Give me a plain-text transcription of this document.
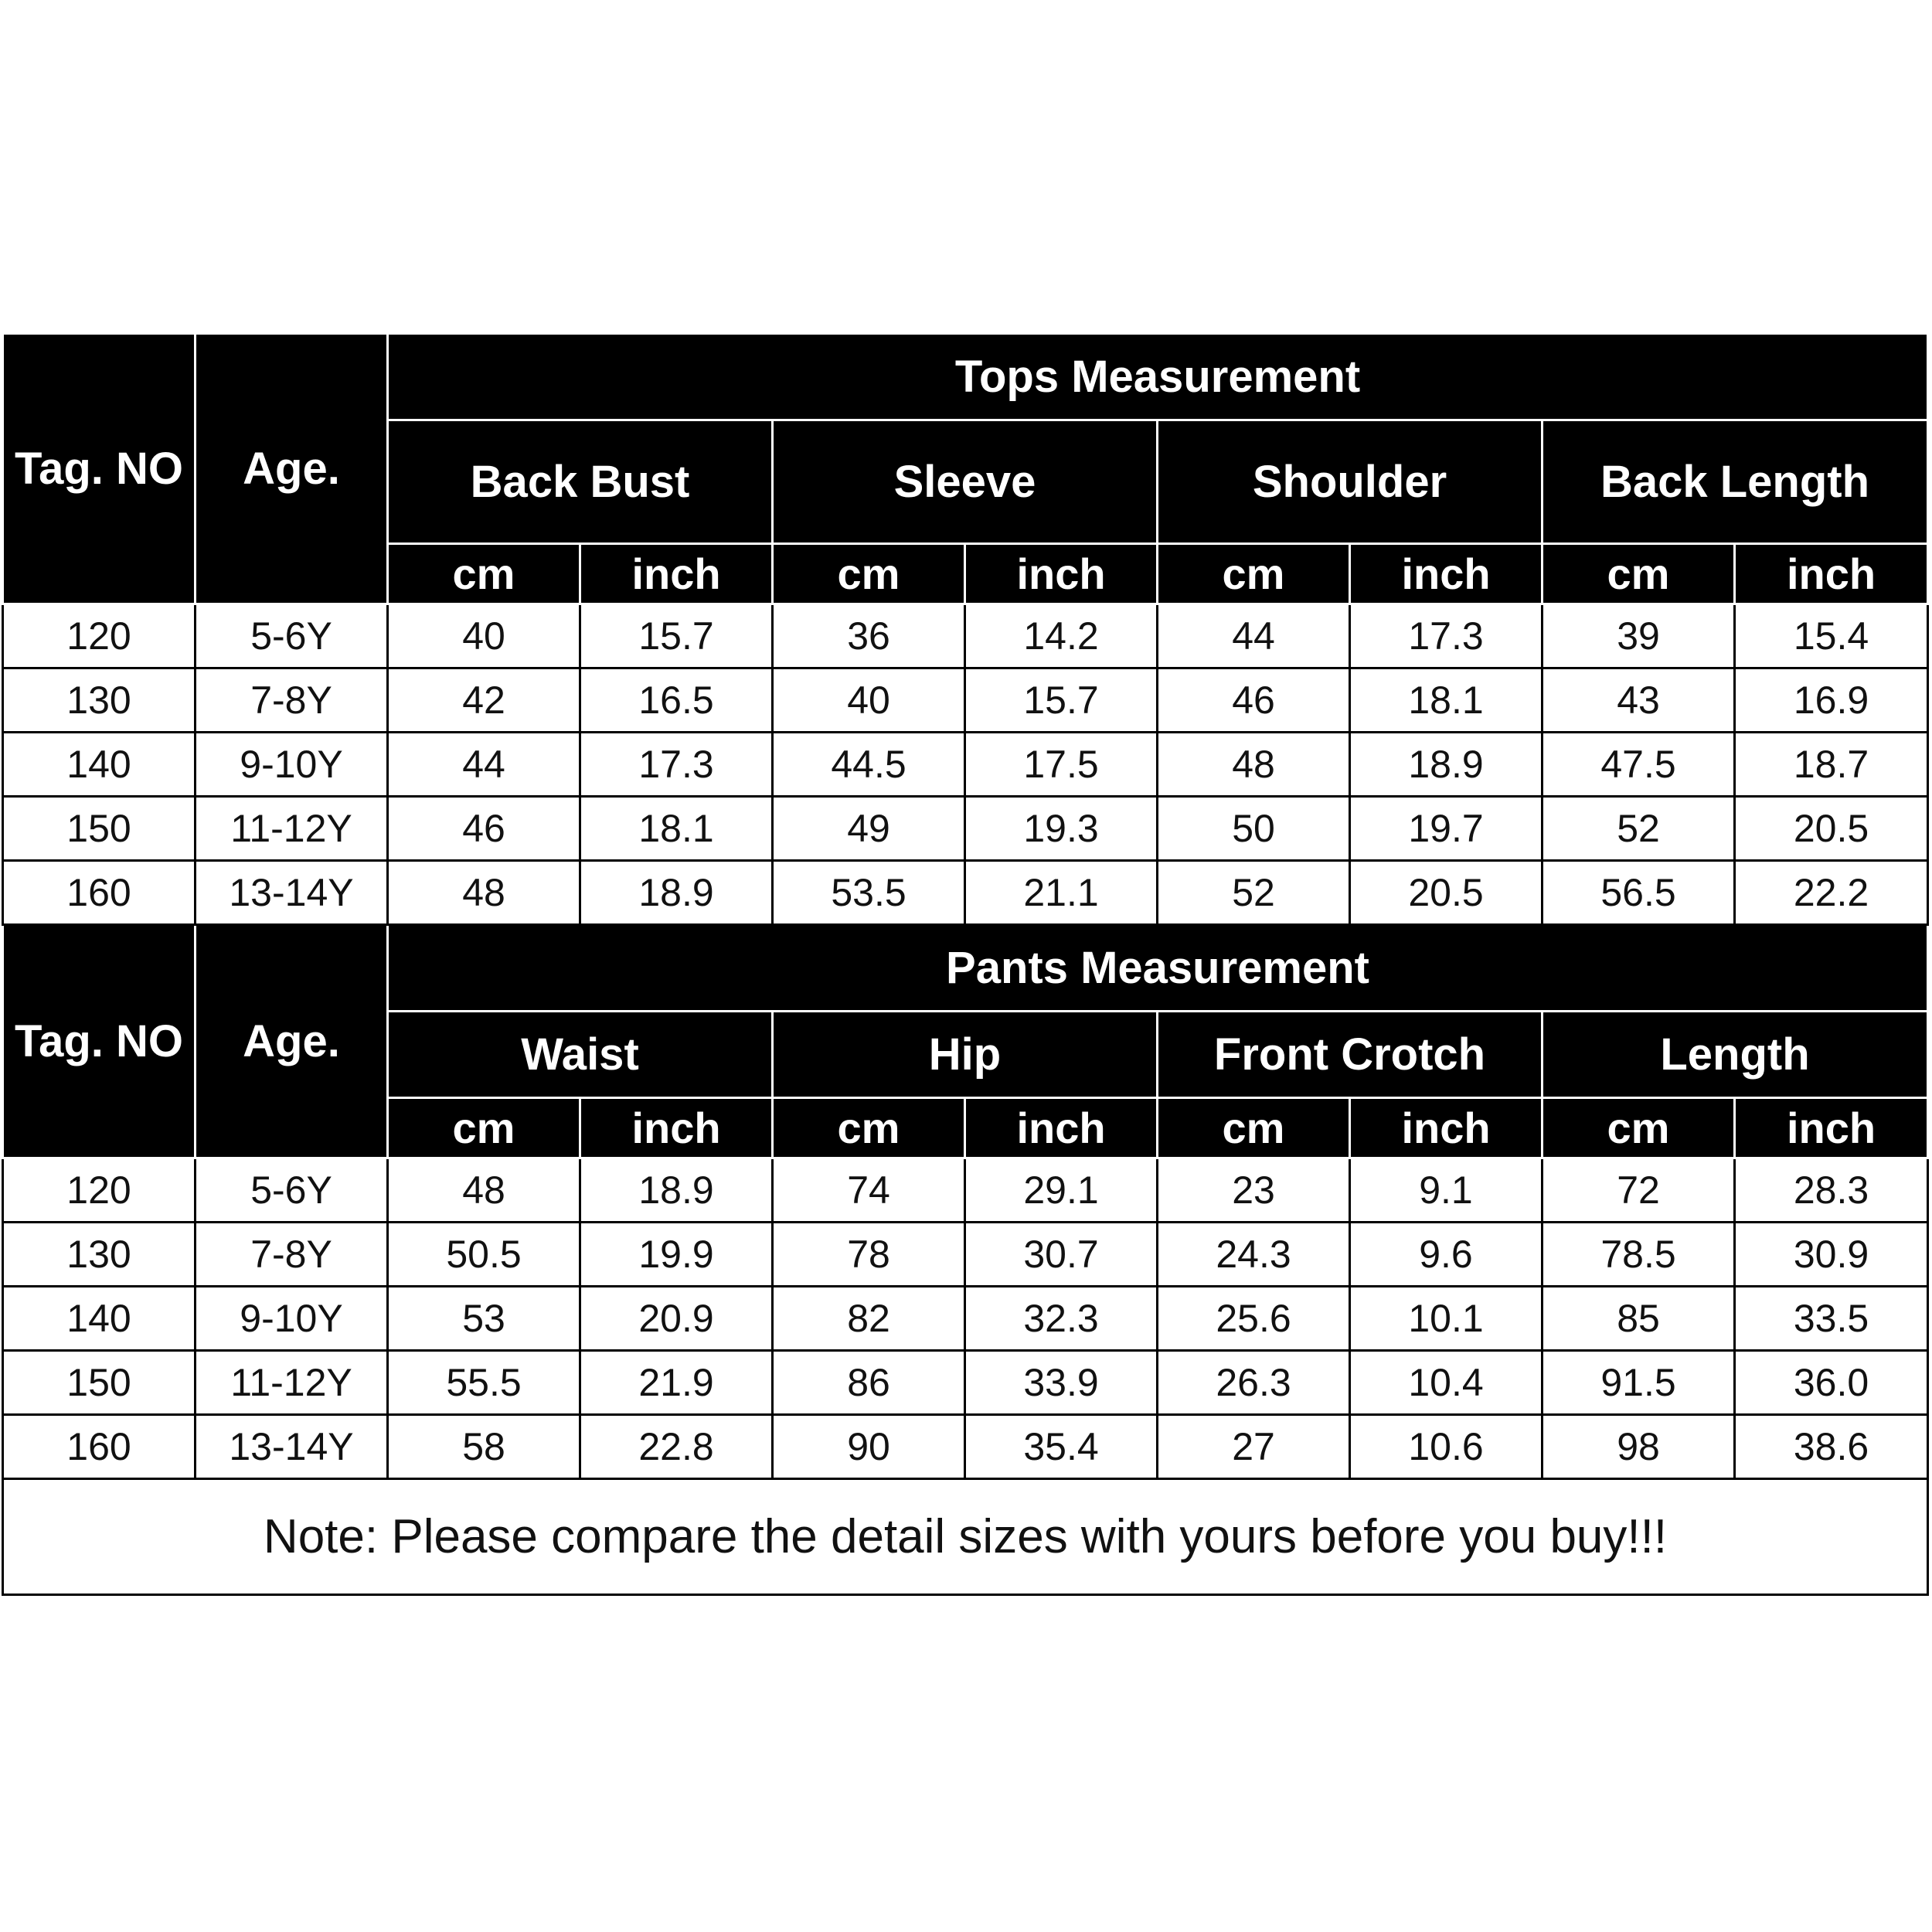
Tag. NO	Age.	Tops Measurement							
		Back Bust		Sleeve		Shoulder		Back Length	
		cm	inch	cm	inch	cm	inch	cm	inch
120	5-6Y	40	15.7	36	14.2	44	17.3	39	15.4
130	7-8Y	42	16.5	40	15.7	46	18.1	43	16.9
140	9-10Y	44	17.3	44.5	17.5	48	18.9	47.5	18.7
150	11-12Y	46	18.1	49	19.3	50	19.7	52	20.5
160	13-14Y	48	18.9	53.5	21.1	52	20.5	56.5	22.2
Tag. NO	Age.	Pants Measurement							
		Waist		Hip		Front Crotch		Length	
		cm	inch	cm	inch	cm	inch	cm	inch
120	5-6Y	48	18.9	74	29.1	23	9.1	72	28.3
130	7-8Y	50.5	19.9	78	30.7	24.3	9.6	78.5	30.9
140	9-10Y	53	20.9	82	32.3	25.6	10.1	85	33.5
150	11-12Y	55.5	21.9	86	33.9	26.3	10.4	91.5	36.0
160	13-14Y	58	22.8	90	35.4	27	10.6	98	38.6
Note: Please compare the detail sizes with yours before you buy!!!									
